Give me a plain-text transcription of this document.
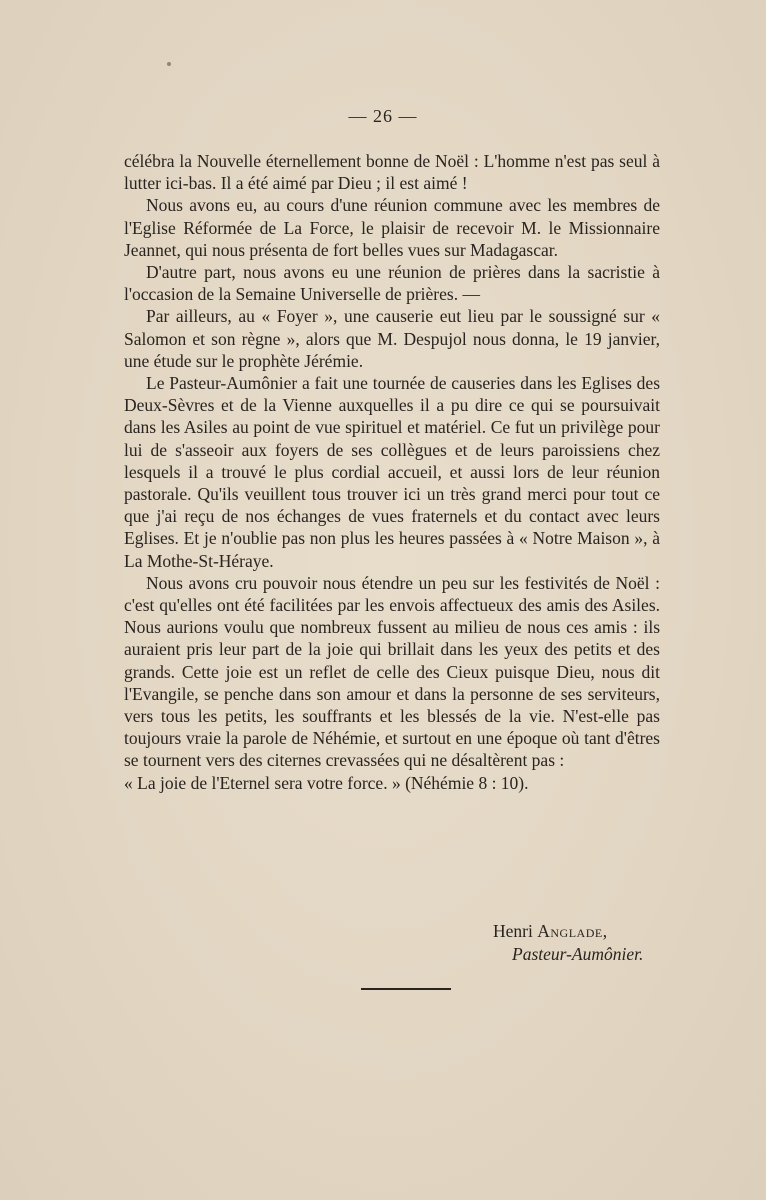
— 26 —

célébra la Nouvelle éternellement bonne de Noël : L'homme n'est pas seul à lutter ici-bas. Il a été aimé par Dieu ; il est aimé !

Nous avons eu, au cours d'une réunion commune avec les membres de l'Eglise Réformée de La Force, le plaisir de recevoir M. le Missionnaire Jeannet, qui nous présenta de fort belles vues sur Madagascar.

D'autre part, nous avons eu une réunion de prières dans la sacristie à l'occasion de la Semaine Universelle de prières. —

Par ailleurs, au « Foyer », une causerie eut lieu par le soussigné sur « Salomon et son règne », alors que M. Despujol nous donna, le 19 janvier, une étude sur le prophète Jérémie.

Le Pasteur-Aumônier a fait une tournée de causeries dans les Eglises des Deux-Sèvres et de la Vienne auxquelles il a pu dire ce qui se poursuivait dans les Asiles au point de vue spirituel et matériel. Ce fut un privilège pour lui de s'asseoir aux foyers de ses collègues et de leurs paroissiens chez lesquels il a trouvé le plus cordial accueil, et aussi lors de leur réunion pastorale. Qu'ils veuillent tous trouver ici un très grand merci pour tout ce que j'ai reçu de nos échanges de vues fraternels et du contact avec leurs Eglises. Et je n'oublie pas non plus les heures passées à « Notre Maison », à La Mothe-St-Héraye.

Nous avons cru pouvoir nous étendre un peu sur les festivités de Noël : c'est qu'elles ont été facilitées par les envois affectueux des amis des Asiles. Nous aurions voulu que nombreux fussent au milieu de nous ces amis : ils auraient pris leur part de la joie qui brillait dans les yeux des petits et des grands. Cette joie est un reflet de celle des Cieux puisque Dieu, nous dit l'Evangile, se penche dans son amour et dans la personne de ses serviteurs, vers tous les petits, les souffrants et les blessés de la vie. N'est-elle pas toujours vraie la parole de Néhémie, et surtout en une époque où tant d'êtres se tournent vers des citernes crevassées qui ne désaltèrent pas :

« La joie de l'Eternel sera votre force. » (Néhémie 8 : 10).

Henri Anglade,

Pasteur-Aumônier.
